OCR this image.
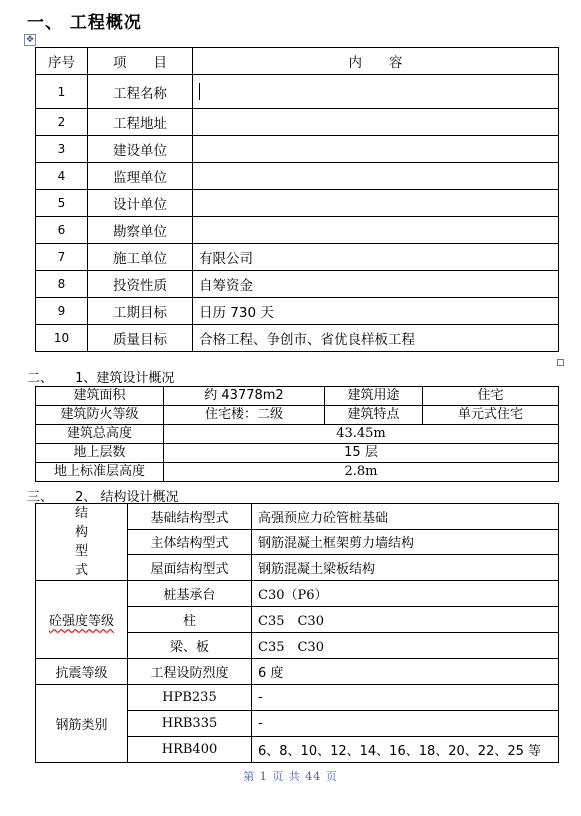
一、 工程概况
✥
序号	项　　目	内　　容
1	工程名称	
2	工程地址	
3	建设单位	
4	监理单位	
5	设计单位	
6	勘察单位	
7	施工单位	有限公司
8	投资性质	自筹资金
9	工期目标	日历 730 天
10	质量目标	合格工程、争创市、省优良样板工程
二、 1、建筑设计概况
建筑面积	约 43778m2	建筑用途	住宅
建筑防火等级	住宅楼：二级	建筑特点	单元式住宅
建筑总高度	43.45m		
地上层数	15 层		
地上标准层高度	2.8m		
三、 2、 结构设计概况
结
构
型
式	基础结构型式	高强预应力砼管桩基础
	主体结构型式	钢筋混凝土框架剪力墙结构
	屋面结构型式	钢筋混凝土梁板结构
砼强度等级	桩基承台	C30（P6）
	柱	C35　C30
	梁、板	C35　C30
抗震等级	工程设防烈度	6 度
钢筋类别	HPB235	-
	HRB335	-
	HRB400	6、8、10、12、14、16、18、20、22、25 等
第 1 页 共 44 页
